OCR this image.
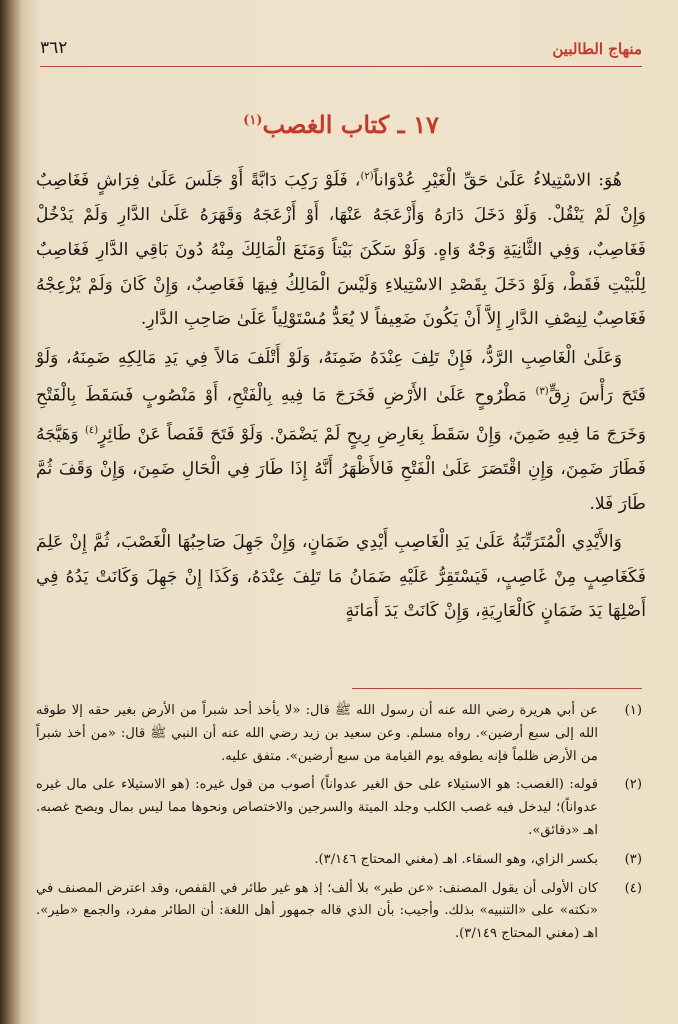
منهاج الطالبين
٣٦٢
١٧ ـ كتاب الغصب$^{(١)}$

هُوَ: الاسْتِيلاءُ عَلَىٰ حَقِّ الْغَيْرِ عُدْوَاناً$^{(٢)}$، فَلَوْ رَكِبَ دَابَّةً أَوْ جَلَسَ عَلَىٰ فِرَاشٍ فَغَاصِبٌ وَإِنْ لَمْ يَنْقُلْ. وَلَوْ دَخَلَ دَارَهُ وَأَزْعَجَهُ عَنْهَا، أَوْ أَزْعَجَهُ وَقَهَرَهُ عَلَىٰ الدَّارِ وَلَمْ يَدْخُلْ فَغَاصِبٌ، وَفِي الثَّانِيَةِ وَجْهٌ وَاهٍ. وَلَوْ سَكَنَ بَيْتاً وَمَنَعَ الْمَالِكَ مِنْهُ دُونَ بَاقِي الدَّارِ فَغَاصِبٌ لِلْبَيْتِ فَقَطْ، وَلَوْ دَخَلَ بِقَصْدِ الاسْتِيلاءِ وَلَيْسَ الْمَالِكُ فِيهَا فَغَاصِبٌ، وَإِنْ كَانَ وَلَمْ يُزْعِجْهُ فَغَاصِبٌ لِنِصْفِ الدَّارِ إِلاَّ أَنْ يَكُونَ ضَعِيفاً لا يُعَدُّ مُسْتَوْلِياً عَلَىٰ صَاحِبِ الدَّارِ.

وَعَلَىٰ الْغَاصِبِ الرَّدُّ، فَإِنْ تَلِفَ عِنْدَهُ ضَمِنَهُ، وَلَوْ أَتْلَفَ مَالاً فِي يَدِ مَالِكِهِ ضَمِنَهُ، وَلَوْ فَتَحَ رَأْسَ زِقٍّ$^{(٣)}$ مَطْرُوحٍ عَلَىٰ الأَرْضِ فَخَرَجَ مَا فِيهِ بِالْفَتْحِ، أَوْ مَنْصُوبٍ فَسَقَطَ بِالْفَتْحِ وَخَرَجَ مَا فِيهِ ضَمِنَ، وَإِنْ سَقَطَ بِعَارِضِ رِيحٍ لَمْ يَضْمَنْ. وَلَوْ فَتَحَ قَفَصاً عَنْ طَائِرٍ$^{(٤)}$ وَهَيَّجَهُ فَطَارَ ضَمِنَ، وَإِنِ اقْتَصَرَ عَلَىٰ الْفَتْحِ فَالأَظْهَرُ أَنَّهُ إِذَا طَارَ فِي الْحَالِ ضَمِنَ، وَإِنْ وَقَفَ ثُمَّ طَارَ فَلا.

وَالأَيْدِي الْمُتَرَتِّبَةُ عَلَىٰ يَدِ الْغَاصِبِ أَيْدِي ضَمَانٍ، وَإِنْ جَهِلَ صَاحِبُهَا الْغَصْبَ، ثُمَّ إِنْ عَلِمَ فَكَغَاصِبٍ مِنْ غَاصِبٍ، فَيَسْتَقِرُّ عَلَيْهِ ضَمَانُ مَا تَلِفَ عِنْدَهُ، وَكَذَا إِنْ جَهِلَ وَكَانَتْ يَدُهُ فِي أَصْلِهَا يَدَ ضَمَانٍ كَالْعَارِيَةِ، وَإِنْ كَانَتْ يَدَ أَمَانَةٍ

(١)
عن أبي هريرة رضي الله عنه أن رسول الله ﷺ قال: «لا يأخذ أحد شبراً من الأرض بغير حقه إلا طوقه الله إلى سبع أرضين». رواه مسلم. وعن سعيد بن زيد رضي الله عنه أن النبي ﷺ قال: «من أخذ شبراً من الأرض ظلماً فإنه يطوقه يوم القيامة من سبع أرضين». متفق عليه.
(٢)
قوله: (الغصب: هو الاستيلاء على حق الغير عدواناً) أصوب من قول غيره: (هو الاستيلاء على مال غيره عدواناً)؛ ليدخل فيه غصب الكلب وجلد الميتة والسرجين والاختصاص ونحوها مما ليس بمال ويصح غصبه. اهـ «دقائق».
(٣)
بكسر الزاي، وهو السقاء. اهـ (مغني المحتاج ٣/١٤٦).
(٤)
كان الأولى أن يقول المصنف: «عن طير» بلا ألف؛ إذ هو غير طائر في القفص، وقد اعترض المصنف في «نكته» على «التنبيه» بذلك. وأجيب: بأن الذي قاله جمهور أهل اللغة: أن الطائر مفرد، والجمع «طير». اهـ (مغني المحتاج ٣/١٤٩).
